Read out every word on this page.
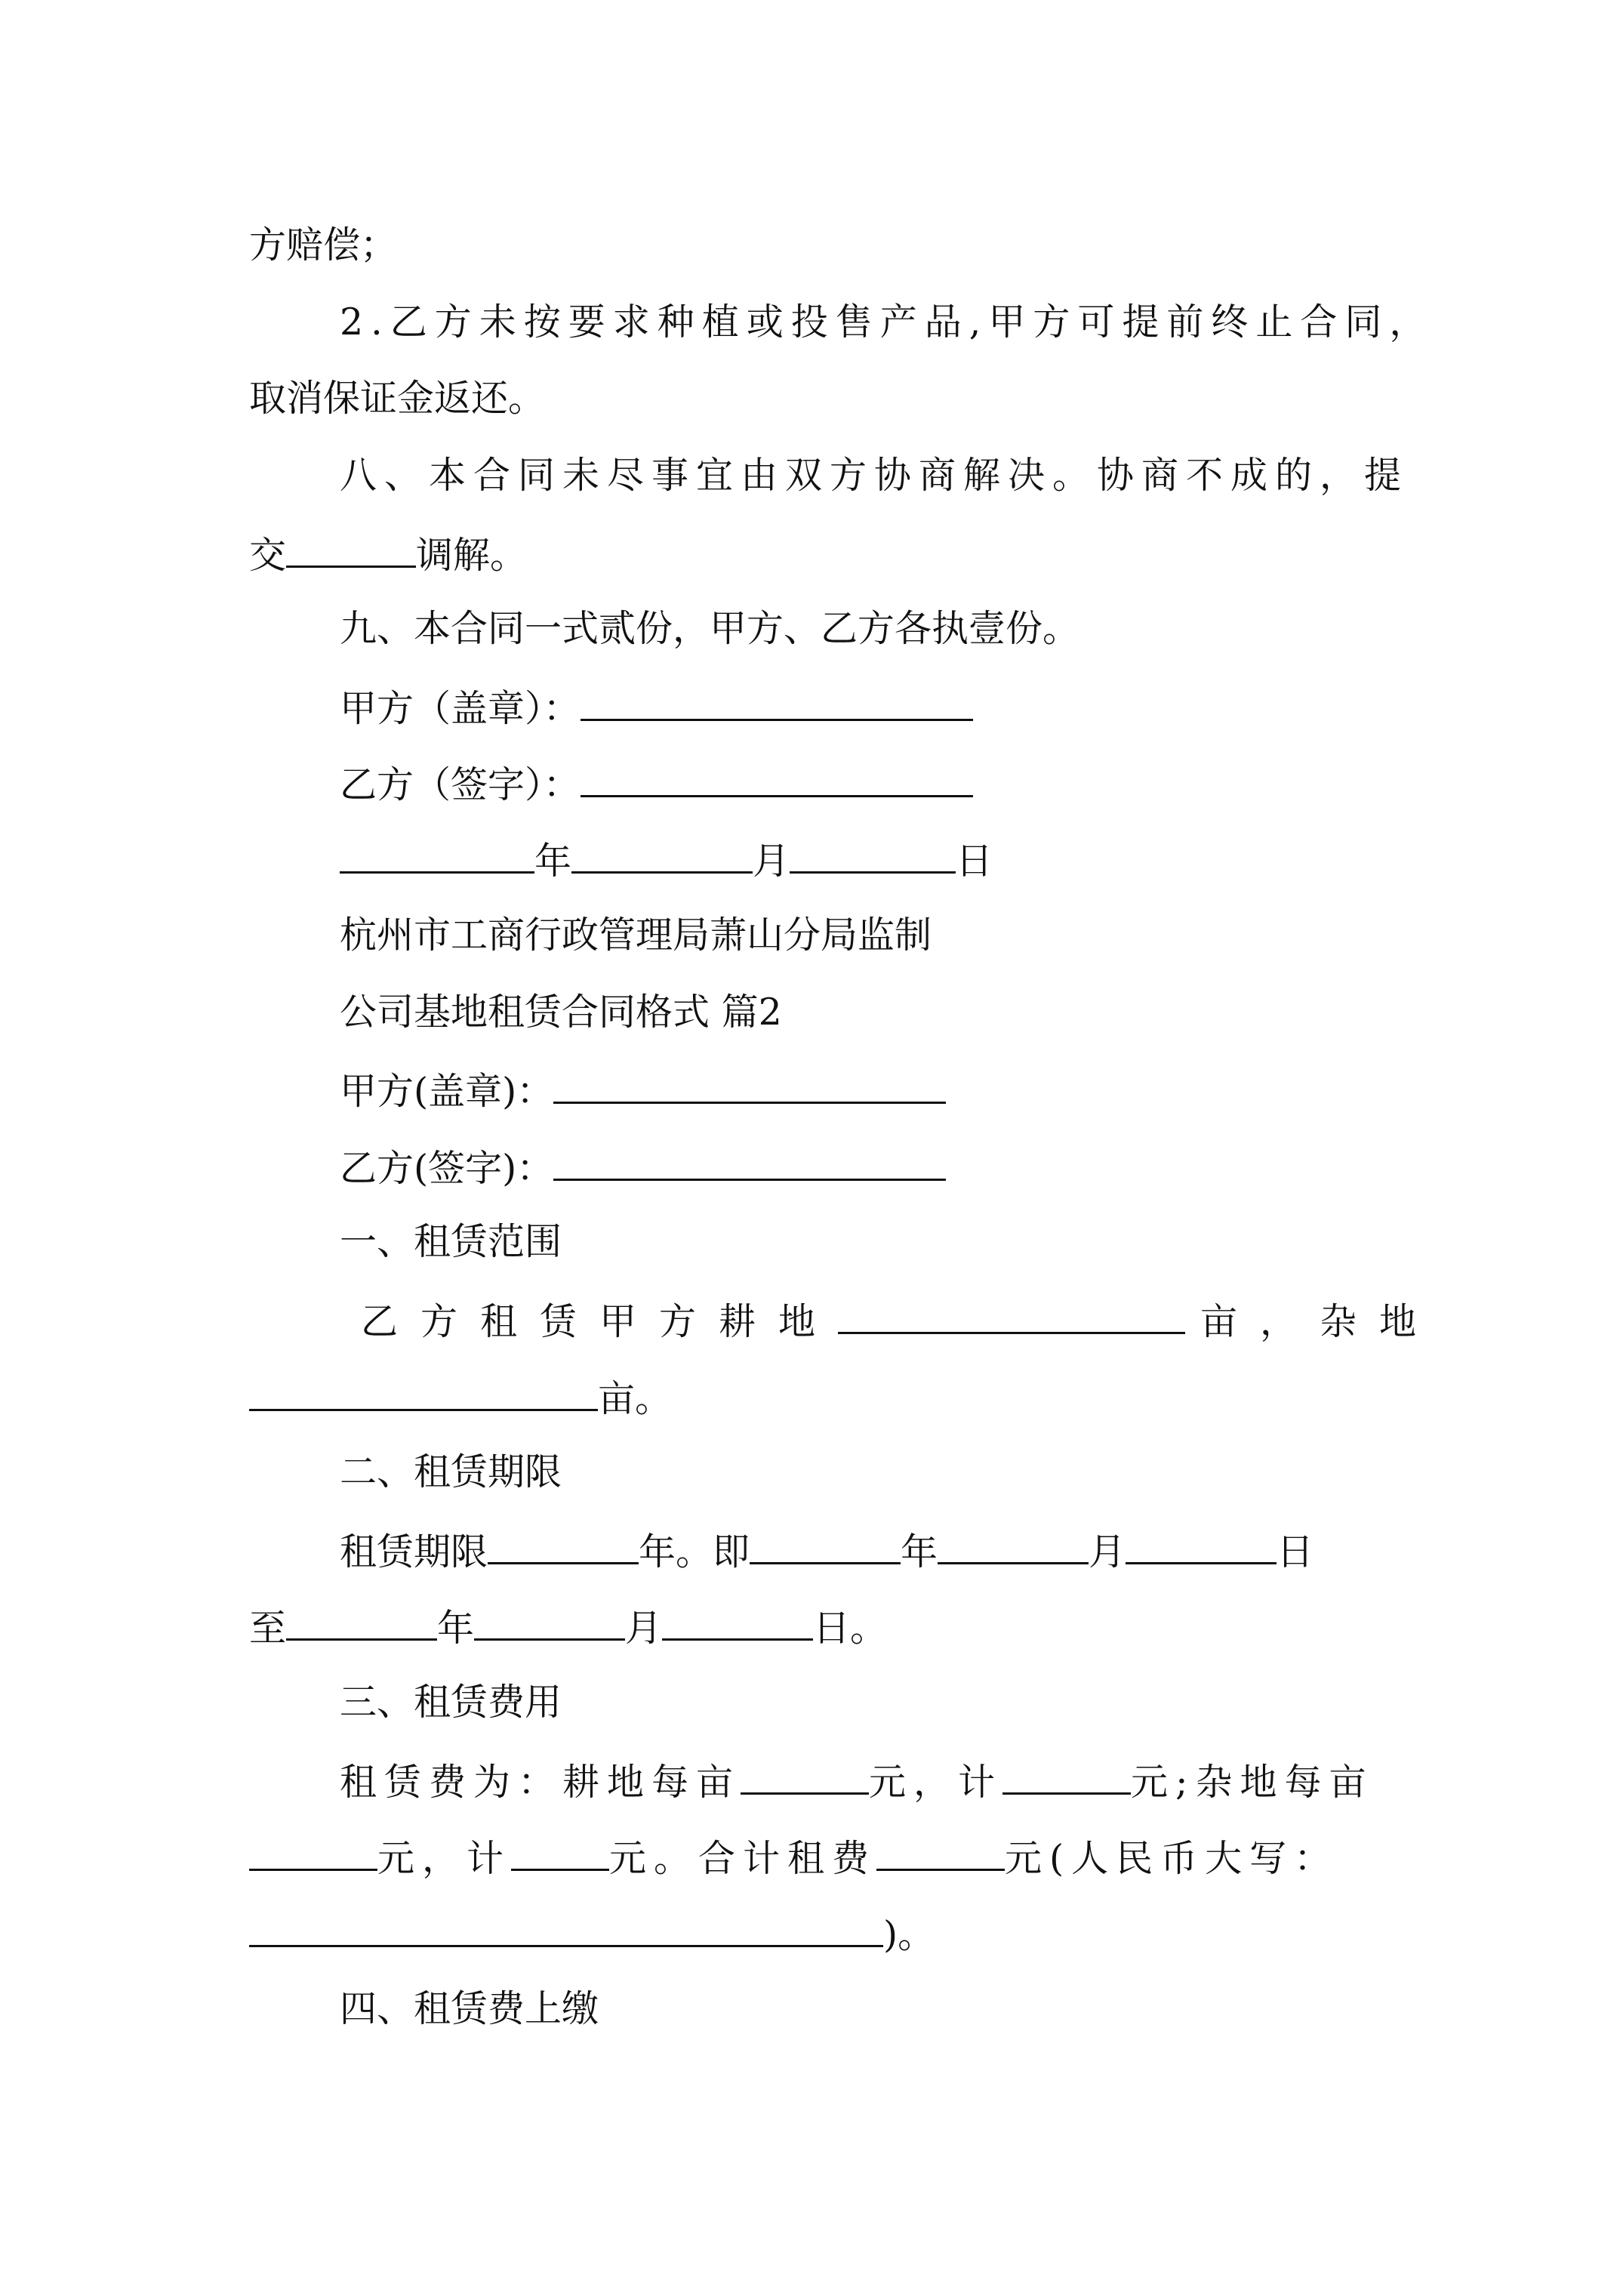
方赔偿；
2.乙方未按要求种植或投售产品,甲方可提前终止合同，
取消保证金返还。
八、本合同未尽事宜由双方协商解决。协商不成的，提
交	调解。
九、本合同一式贰份，甲方、乙方各执壹份。
甲方（盖章）：
乙方（签字）：
年	月	日
杭州市工商行政管理局萧山分局监制
公司基地租赁合同格式 篇2
甲方(盖章)：
乙方(签字)：
一、租赁范围
乙方租赁甲方耕地	亩，杂地
亩。
二、租赁期限
租赁期限	年。即	年	月	日
至	年	月	日。
三、租赁费用
租赁费为：耕地每亩	元，计	元;杂地每亩
元，计	元。合计租费	元(人民币大写：
)。
四、租赁费上缴
